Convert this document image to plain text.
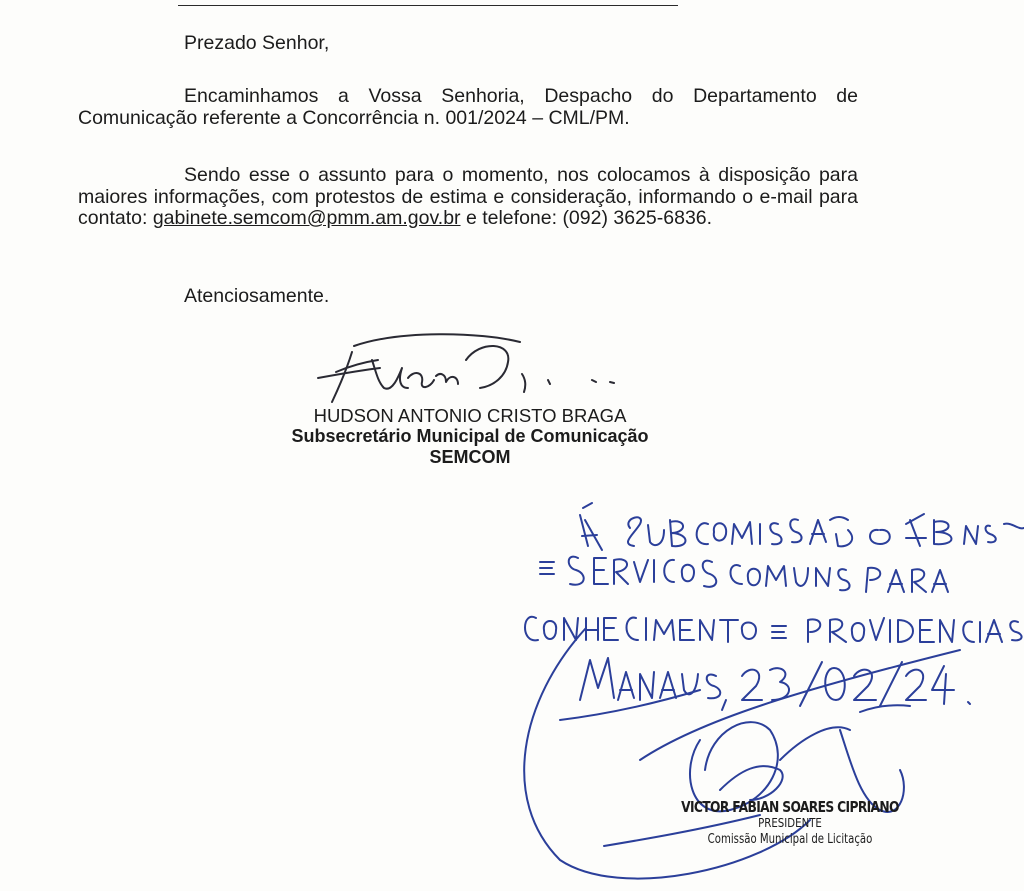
Prezado Senhor,
Encaminhamos a Vossa Senhoria, Despacho do Departamento de Comunicação referente a Concorrência n. 001/2024 – CML/PM.
Sendo esse o assunto para o momento, nos colocamos à disposição para maiores informações, com protestos de estima e consideração, informando o e-mail para contato: gabinete.semcom@pmm.am.gov.br e telefone: (092) 3625-6836.
Atenciosamente.
HUDSON ANTONIO CRISTO BRAGA
Subsecretário Municipal de Comunicação
SEMCOM
VICTOR FABIAN SOARES CIPRIANO
PRESIDENTE
Comissão Municipal de Licitação
